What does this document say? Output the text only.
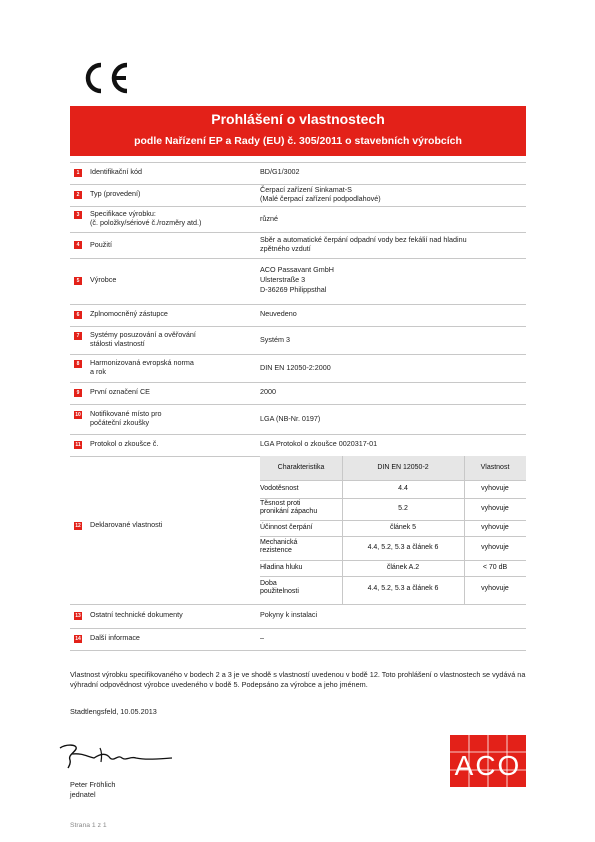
Prohlášení o vlastnostech
podle Nařízení EP a Rady (EU) č. 305/2011 o stavebních výrobcích
1	Identifikační kód	BD/G1/3002
2	Typ (provedení)	Čerpací zařízení Sinkamat-S
(Malé čerpací zařízení podpodlahové)
3	Specifikace výrobku:
(č. položky/sériové č./rozměry atd.)	různé
4	Použití
Sběr a automatické čerpání odpadní vody bez fekálií nad hladinu
zpětného vzdutí
5	Výrobce
ACO Passavant GmbH
Ulsterstraße 3
D-36269 Philippsthal
6	Zplnomocněný zástupce	Neuvedeno
7	Systémy posuzování a ověřování
stálosti vlastností	Systém 3
8	Harmonizovaná evropská norma
a rok	DIN EN 12050-2:2000
9	První označení CE	2000
10 Notifikované místo pro
počáteční zkoušky	LGA (NB-Nr. 0197)
11 Protokol o zkoušce č.	LGA Protokol o zkoušce 0020317-01
12 Deklarované vlastnosti
Charakteristika	DIN EN 12050-2	Vlastnost
Vodotěsnost	4.4	vyhovuje
Těsnost proti
pronikání zápachu	5.2	vyhovuje
Účinnost čerpání	článek 5	vyhovuje
Mechanická
rezistence	4.4, 5.2, 5.3 a článek 6	vyhovuje
Hladina hluku	článek A.2	< 70 dB
Doba
použitelnosti	4.4, 5.2, 5.3 a článek 6	vyhovuje
13 Ostatní technické dokumenty	Pokyny k instalaci
14 Další informace	–
Vlastnost výrobku specifikovaného v bodech 2 a 3 je ve shodě s vlastností uvedenou v bodě 12. Toto prohlášení o vlastnostech se vydává na výhradní odpovědnost výrobce uvedeného v bodě 5. Podepsáno za výrobce a jeho jménem.
Stadtlengsfeld, 10.05.2013
Peter Fröhlich
jednatel
Strana 1 z 1
ACO
